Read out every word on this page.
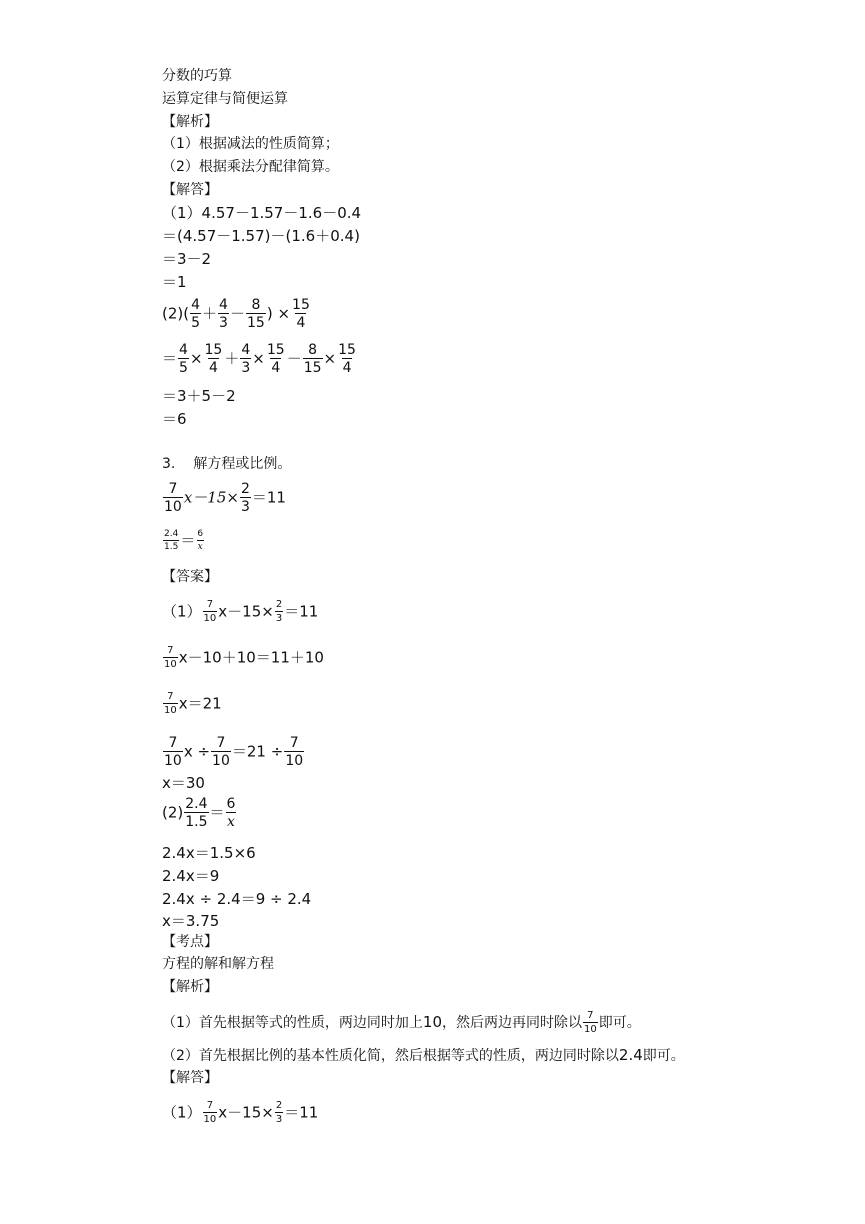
分数的巧算
运算定律与简便运算
【解析】
（1）根据减法的性质简算；
（2）根据乘法分配律简算。
【解答】
（1）4.57－1.57－1.6－0.4
＝(4.57－1.57)－(1.6＋0.4)
＝3－2
＝1
$(2)( \frac{4}{5} + \frac{4}{3} - \frac{8}{15}$ ) × $\frac{15}{4}$
＝ $\frac{4}{5} \times \frac{15}{4} + \frac{4}{3} \times \frac{15}{4} - \frac{8}{15} \times \frac{15}{4}$
＝3＋5－2
＝6
3. 解方程或比例。
$\frac{7}{10} x-15\times \frac{2}{3} =11$
$\frac{2.4}{1.5} = \frac{6}{x}$
【答案】
$(1) \frac{7}{10} x-15\times \frac{2}{3} =11$
$\frac{7}{10} x-10+10=11+10$
$\frac{7}{10} x=21$
$\frac{7}{10}$ $x \div \frac{7}{10} =21 \div \frac{7}{10}$
x＝30
$(2) \frac{2.4}{1.5} = \frac{6}{x}$
2.4x＝1.5×6
2.4x＝9
2.4x ÷ 2.4＝9 ÷ 2.4
x＝3.75
【考点】
方程的解和解方程
【解析】
（1）首先根据等式的性质，两边同时加上10，然后两边再同时除以 $\frac{7}{10}$ 即可。
（2）首先根据比例的基本性质化简，然后根据等式的性质，两边同时除以2.4即可。
【解答】
$(1) \frac{7}{10} x-15\times \frac{2}{3} =11$
